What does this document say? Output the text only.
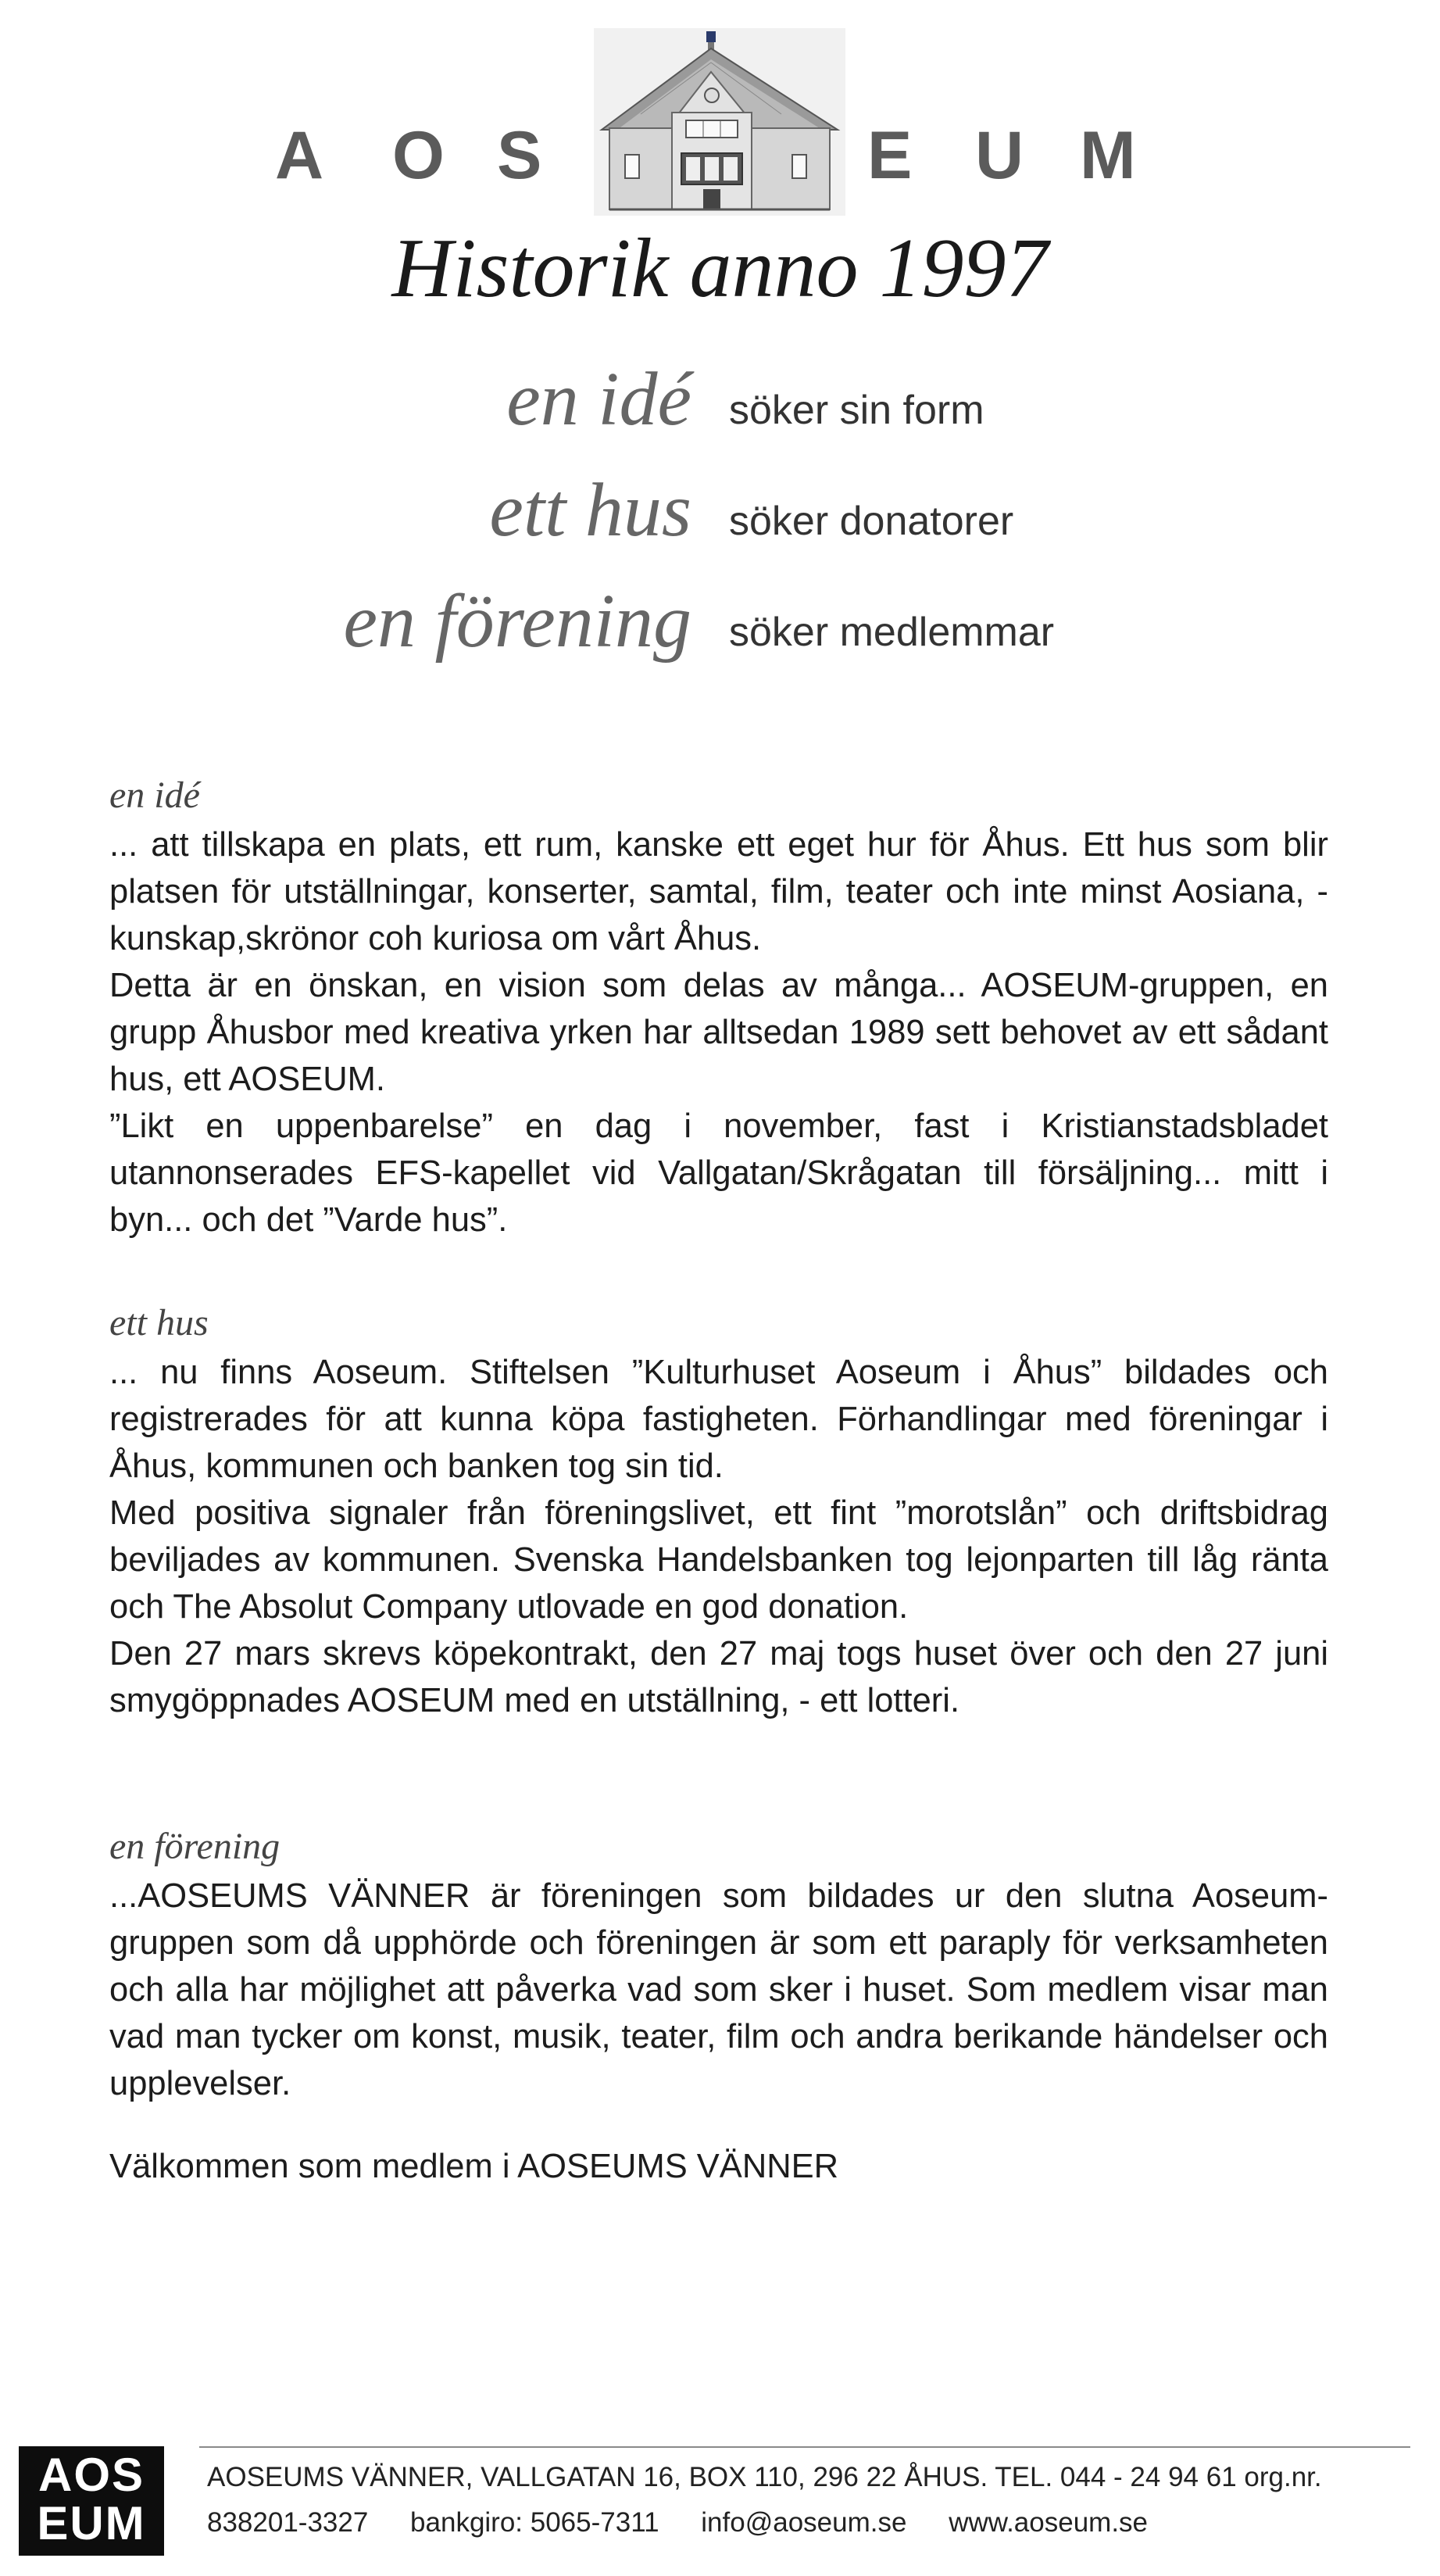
A O S	E U M
Historik anno 1997
en idé söker sin form
ett hus söker donatorer
en förening söker medlemmar
en idé

... att tillskapa en plats, ett rum, kanske ett eget hur för Åhus. Ett hus som blir platsen för utställningar, konserter, samtal, film, teater och inte minst Aosiana, - kunskap,skrönor coh kuriosa om vårt Åhus.

Detta är en önskan, en vision som delas av många... AOSEUM-gruppen, en grupp Åhusbor med kreativa yrken har alltsedan 1989 sett behovet av ett sådant hus, ett AOSEUM.

”Likt en uppenbarelse” en dag i november, fast i Kristianstadsbladet utannonserades EFS-kapellet vid Vallgatan/Skrågatan till försäljning... mitt i byn... och det ”Varde hus”.

ett hus

... nu finns Aoseum. Stiftelsen ”Kulturhuset Aoseum i Åhus” bildades och registrerades för att kunna köpa fastigheten. Förhandlingar med föreningar i Åhus, kommunen och banken tog sin tid.

Med positiva signaler från föreningslivet, ett fint ”morotslån” och driftsbidrag beviljades av kommunen. Svenska Handelsbanken tog lejonparten till låg ränta och The Absolut Company utlovade en god donation.

Den 27 mars skrevs köpekontrakt, den 27 maj togs huset över och den 27 juni smygöppnades AOSEUM med en utställning, - ett lotteri.

en förening

...AOSEUMS VÄNNER är föreningen som bildades ur den slutna Aoseum-gruppen som då upphörde och föreningen är som ett paraply för verksamheten och alla har möjlighet att påverka vad som sker i huset. Som medlem visar man vad man tycker om konst, musik, teater, film och andra berikande händelser och upplevelser.

Välkommen som medlem i AOSEUMS VÄNNER
AOS
EUM
AOSEUMS VÄNNER, VALLGATAN 16, BOX 110, 296 22 ÅHUS. TEL. 044 - 24 94 61 org.nr.
838201-3327 bankgiro: 5065-7311 info@aoseum.se www.aoseum.se
